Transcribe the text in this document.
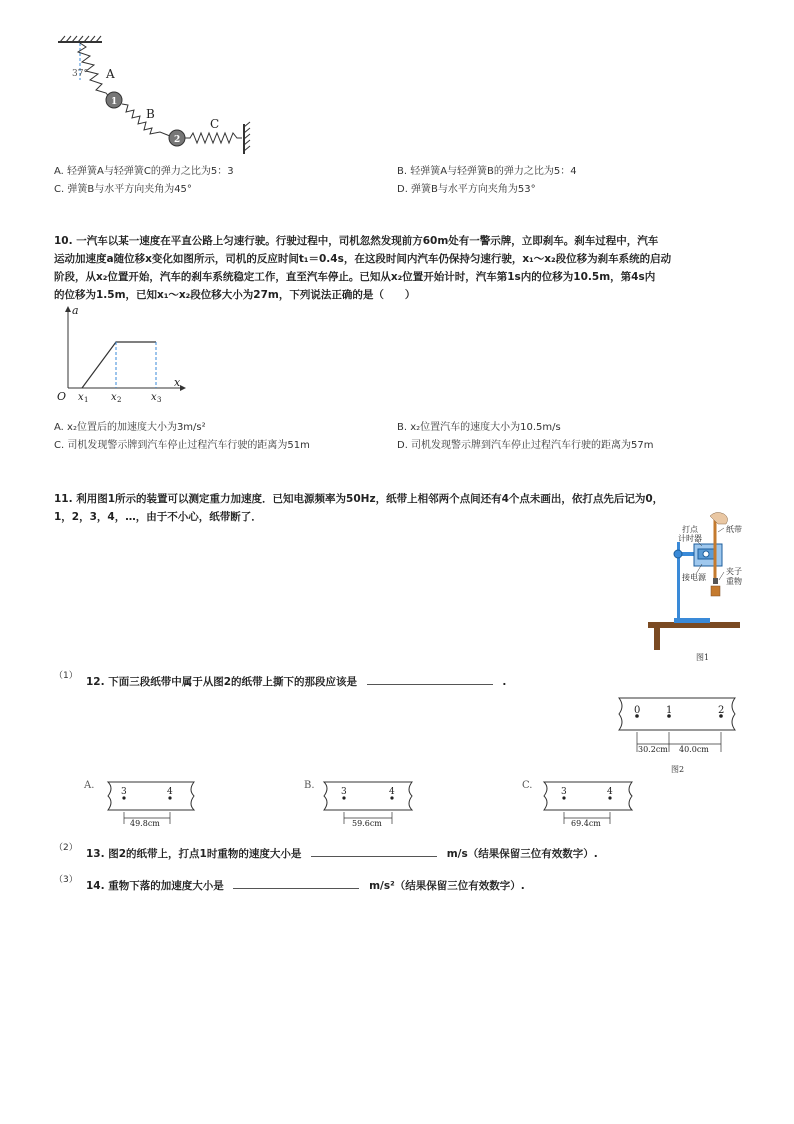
37° A
1
B
2
C
A. 轻弹簧A与轻弹簧C的弹力之比为5：3	B. 轻弹簧A与轻弹簧B的弹力之比为5：4
C. 弹簧B与水平方向夹角为45°	D. 弹簧B与水平方向夹角为53°
10. 一汽车以某一速度在平直公路上匀速行驶。行驶过程中，司机忽然发现前方60m处有一警示牌，立即刹车。刹车过程中，汽车
运动加速度a随位移x变化如图所示，司机的反应时间t₁＝0.4s，在这段时间内汽车仍保持匀速行驶，x₁～x₂段位移为刹车系统的启动
阶段，从x₂位置开始，汽车的刹车系统稳定工作，直至汽车停止。已知从x₂位置开始计时，汽车第1s内的位移为10.5m，第4s内
的位移为1.5m，已知x₁～x₂段位移大小为27m，下列说法正确的是（　　）
a
x
O x 1 x 2	x 3
A. x₂位置后的加速度大小为3m/s²	B. x₂位置汽车的速度大小为10.5m/s
C. 司机发现警示牌到汽车停止过程汽车行驶的距离为51m	D. 司机发现警示牌到汽车停止过程汽车行驶的距离为57m
11. 利用图1所示的装置可以测定重力加速度．已知电源频率为50Hz，纸带上相邻两个点间还有4个点未画出，依打点先后记为0，
1，2，3，4，…，由于不小心，纸带断了．
打点
计时器
纸带
夹子
重物
接电源
图1
（1） 12. 下面三段纸带中属于从图2的纸带上撕下的那段应该是	.
0	1	2
30.2cm 40.0cm
图2
A.
3	4
49.8cm
B.
3	4
59.6cm
C.
3	4
69.4cm
（2） 13. 图2的纸带上，打点1时重物的速度大小是	m/s（结果保留三位有效数字）.
（3） 14. 重物下落的加速度大小是	m/s²（结果保留三位有效数字）.
